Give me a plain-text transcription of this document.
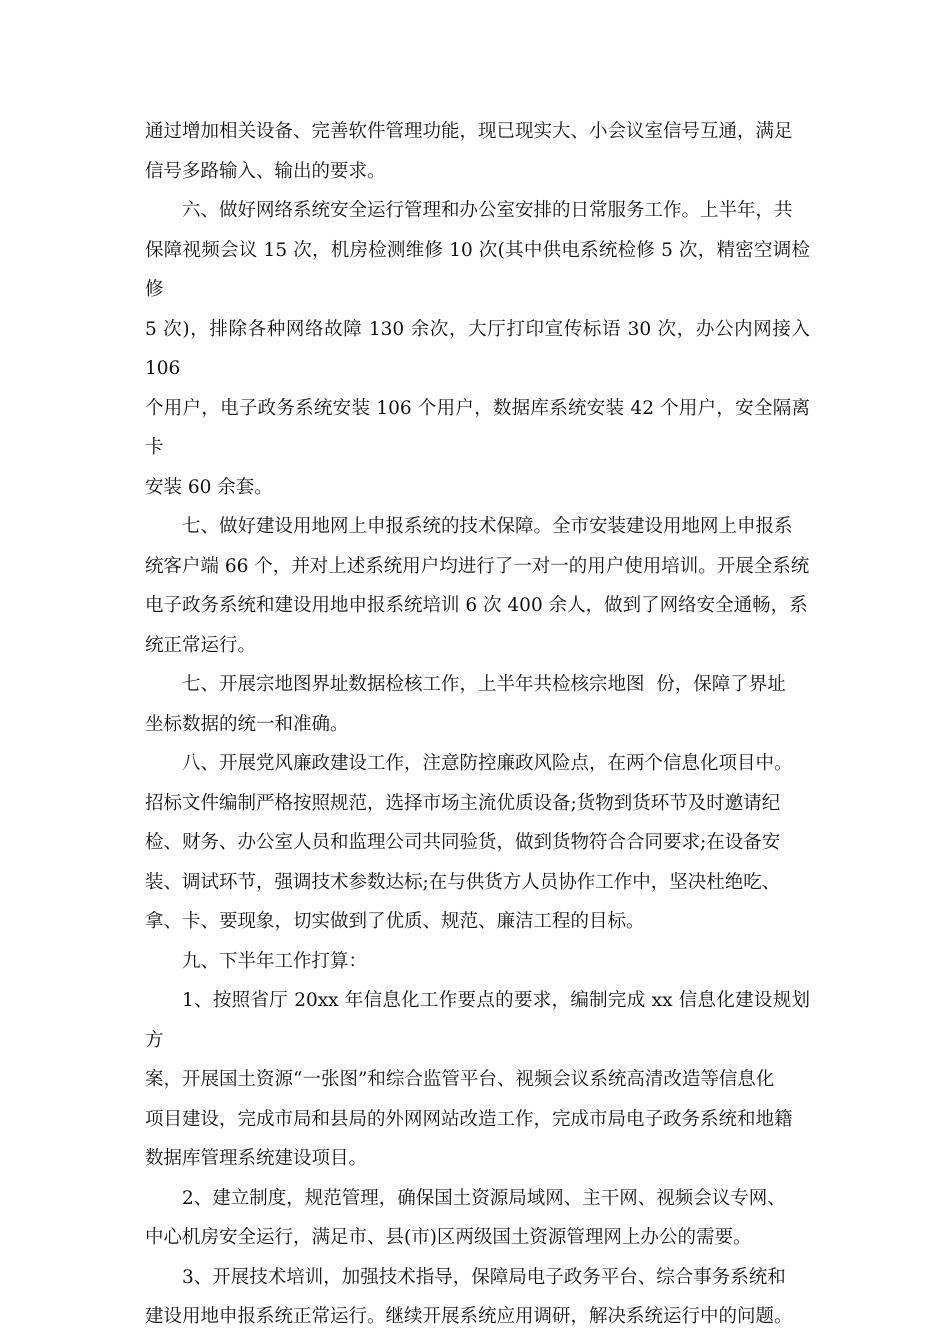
通过增加相关设备、完善软件管理功能，现已现实大、小会议室信号互通，满足

信号多路输入、输出的要求。

六、做好网络系统安全运行管理和办公室安排的日常服务工作。上半年，共

保障视频会议 15 次，机房检测维修 10 次(其中供电系统检修 5 次，精密空调检修

5 次)，排除各种网络故障 130 余次，大厅打印宣传标语 30 次，办公内网接入 106

个用户，电子政务系统安装 106 个用户，数据库系统安装 42 个用户，安全隔离卡

安装 60 余套。

七、做好建设用地网上申报系统的技术保障。全市安装建设用地网上申报系

统客户端 66 个，并对上述系统用户均进行了一对一的用户使用培训。开展全系统

电子政务系统和建设用地申报系统培训 6 次 400 余人，做到了网络安全通畅，系

统正常运行。

七、开展宗地图界址数据检核工作，上半年共检核宗地图  份，保障了界址

坐标数据的统一和准确。

八、开展党风廉政建设工作，注意防控廉政风险点，在两个信息化项目中。

招标文件编制严格按照规范，选择市场主流优质设备;货物到货环节及时邀请纪

检、财务、办公室人员和监理公司共同验货，做到货物符合合同要求;在设备安

装、调试环节，强调技术参数达标;在与供货方人员协作工作中，坚决杜绝吃、

拿、卡、要现象，切实做到了优质、规范、廉洁工程的目标。

九、下半年工作打算：

1、按照省厅 20xx 年信息化工作要点的要求，编制完成 xx 信息化建设规划方

案，开展国土资源“一张图”和综合监管平台、视频会议系统高清改造等信息化

项目建设，完成市局和县局的外网网站改造工作，完成市局电子政务系统和地籍

数据库管理系统建设项目。

2、建立制度，规范管理，确保国土资源局域网、主干网、视频会议专网、

中心机房安全运行，满足市、县(市)区两级国土资源管理网上办公的需要。

3、开展技术培训，加强技术指导，保障局电子政务平台、综合事务系统和

建设用地申报系统正常运行。继续开展系统应用调研，解决系统运行中的问题。
